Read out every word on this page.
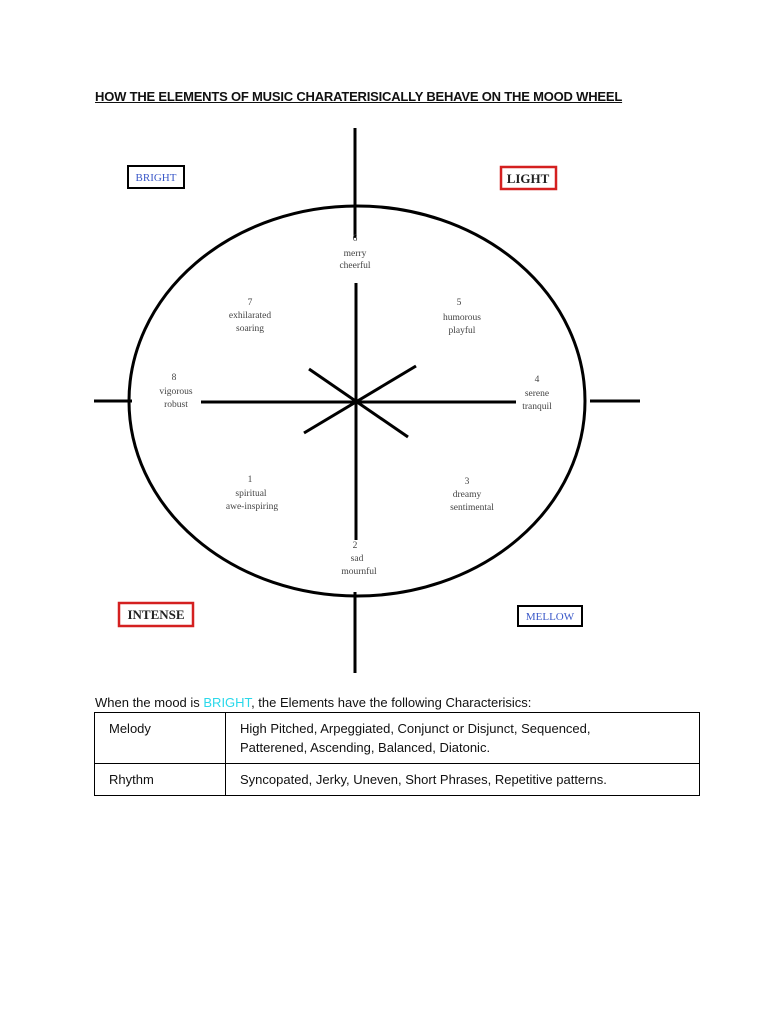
HOW THE ELEMENTS OF MUSIC CHARATERISICALLY BEHAVE ON THE MOOD WHEEL
BRIGHT	LIGHT
INTENSE	MELLOW
6
merry
cheerful
7
exhilarated
soaring
5
humorous
playful
8
vigorous
robust
4
serene
tranquil
1
spiritual
awe-inspiring
3
dreamy
sentimental
2
sad
mournful
When the mood is BRIGHT, the Elements have the following Characterisics:
Melody	High Pitched, Arpeggiated, Conjunct or Disjunct, Sequenced,
Patterened, Ascending, Balanced, Diatonic.

Rhythm	Syncopated, Jerky, Uneven, Short Phrases, Repetitive patterns.
